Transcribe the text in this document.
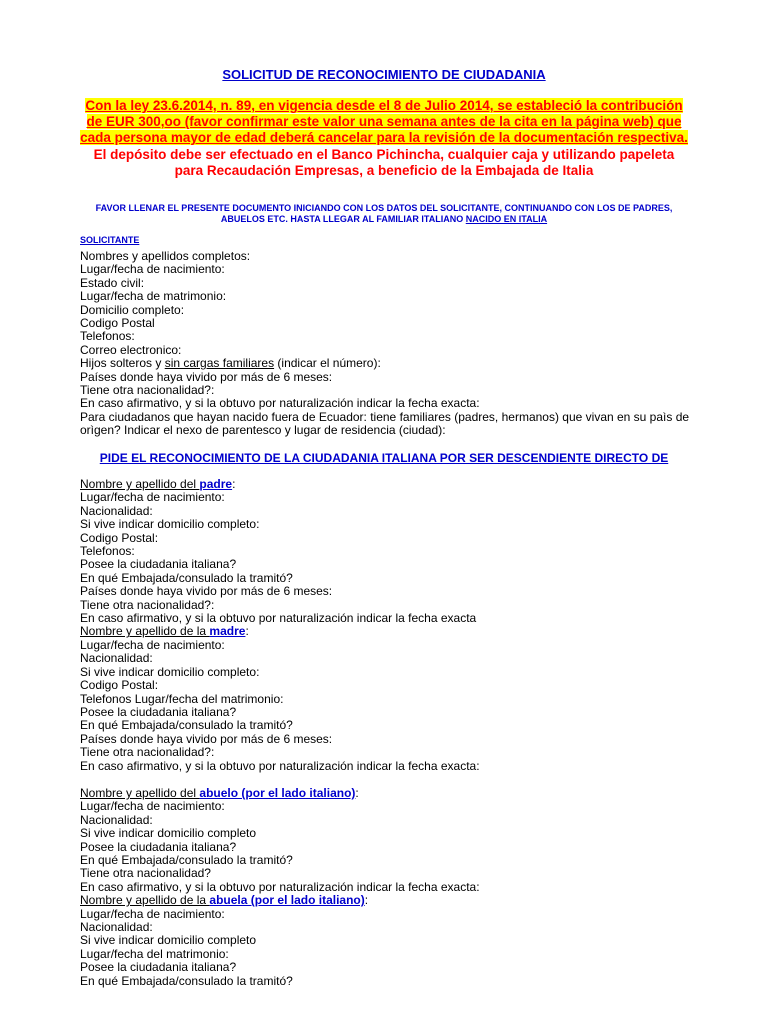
SOLICITUD DE RECONOCIMIENTO DE CIUDADANIA
Con la ley 23.6.2014, n. 89, en vigencia desde el 8 de Julio 2014, se estableció la contribución de EUR 300,oo (favor confirmar este valor una semana antes de la cita en la página web) que cada persona mayor de edad deberá cancelar para la revisión de la documentación respectiva. El depósito debe ser efectuado en el Banco Pichincha, cualquier caja y utilizando papeleta para Recaudación Empresas, a beneficio de la Embajada de Italia
FAVOR LLENAR EL PRESENTE DOCUMENTO INICIANDO CON LOS DATOS DEL SOLICITANTE, CONTINUANDO CON LOS DE PADRES, ABUELOS ETC. HASTA LLEGAR AL FAMILIAR ITALIANO NACIDO EN ITALIA
SOLICITANTE
Nombres y apellidos completos:
Lugar/fecha de nacimiento:
Estado civil:
Lugar/fecha de matrimonio:
Domicilio completo:
Codigo Postal
Telefonos:
Correo electronico:
Hijos solteros y sin cargas familiares (indicar el número):
Países donde haya vivido por más de 6 meses:
Tiene otra nacionalidad?:
En caso afirmativo, y si la obtuvo por naturalización indicar la fecha exacta:
Para ciudadanos que hayan nacido fuera de Ecuador: tiene familiares (padres, hermanos) que vivan en su paìs de orìgen? Indicar el nexo de parentesco y lugar de residencia (ciudad):
PIDE EL RECONOCIMIENTO DE LA CIUDADANIA ITALIANA POR SER DESCENDIENTE DIRECTO DE
Nombre y apellido del padre:
Lugar/fecha de nacimiento:
Nacionalidad:
Si vive indicar domicilio completo:
Codigo Postal:
Telefonos:
Posee la ciudadania italiana?
En qué Embajada/consulado la tramitó?
Países donde haya vivido por más de 6 meses:
Tiene otra nacionalidad?:
En caso afirmativo, y si la obtuvo por naturalización indicar la fecha exacta
Nombre y apellido de la madre:
Lugar/fecha de nacimiento:
Nacionalidad:
Si vive indicar domicilio completo:
Codigo Postal:
Telefonos Lugar/fecha del matrimonio:
Posee la ciudadania italiana?
En qué Embajada/consulado la tramitó?
Países donde haya vivido por más de 6 meses:
Tiene otra nacionalidad?:
En caso afirmativo, y si la obtuvo por naturalización indicar la fecha exacta:
Nombre y apellido del abuelo (por el lado italiano):
Lugar/fecha de nacimiento:
Nacionalidad:
Si vive indicar domicilio completo
Posee la ciudadania italiana?
En qué Embajada/consulado la tramitó?
Tiene otra nacionalidad?
En caso afirmativo, y si la obtuvo por naturalización indicar la fecha exacta:
Nombre y apellido de la abuela (por el lado italiano):
Lugar/fecha de nacimiento:
Nacionalidad:
Si vive indicar domicilio completo
Lugar/fecha del matrimonio:
Posee la ciudadania italiana?
En qué Embajada/consulado la tramitó?
